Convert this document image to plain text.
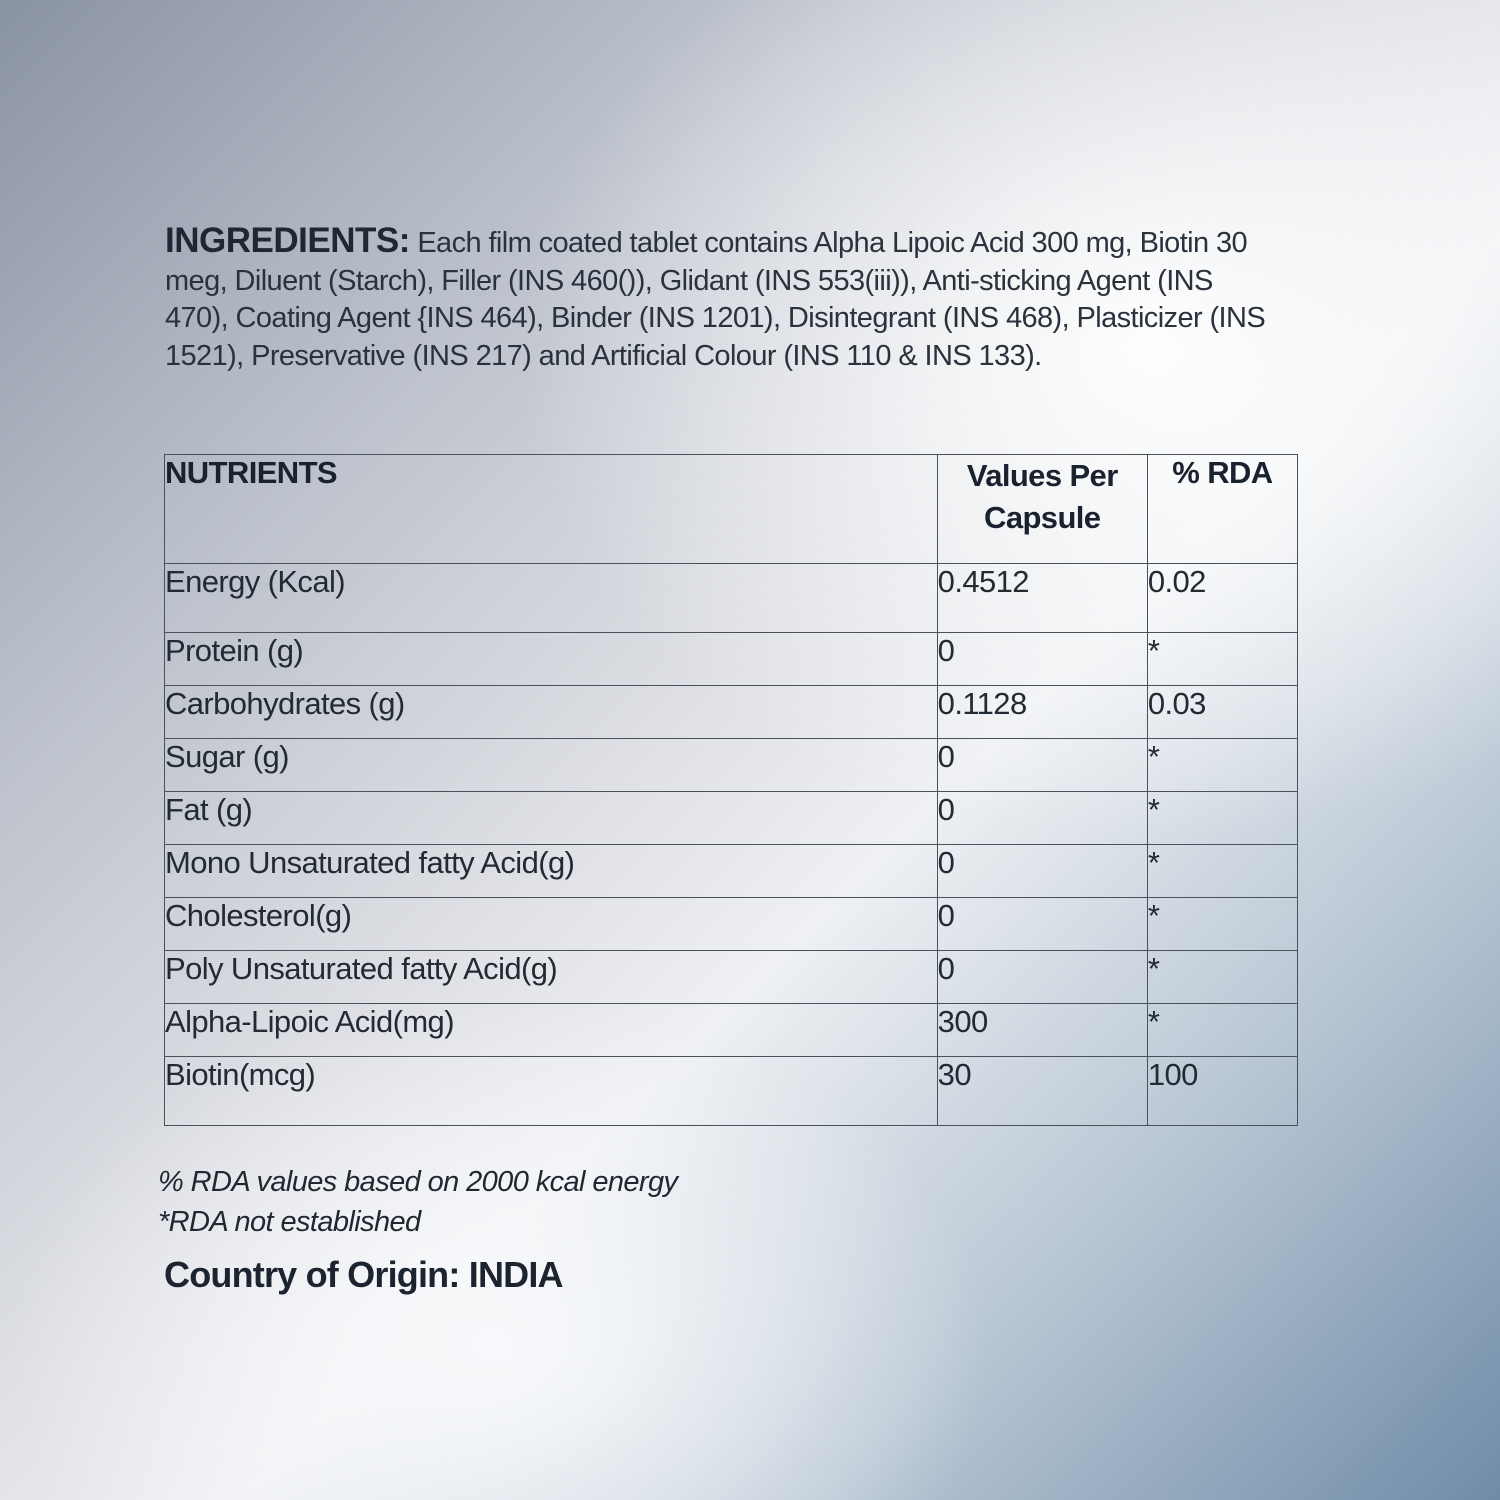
INGREDIENTS: Each film coated tablet contains Alpha Lipoic Acid 300 mg, Biotin 30 meg, Diluent (Starch), Filler (INS 460()), Glidant (INS 553(iii)), Anti-sticking Agent (INS 470), Coating Agent {INS 464), Binder (INS 1201), Disintegrant (INS 468), Plasticizer (INS 1521), Preservative (INS 217) and Artificial Colour (INS 110 & INS 133).
NUTRIENTS	Values Per Capsule	% RDA
Energy (Kcal)	0.4512	0.02
Protein (g)	0	*
Carbohydrates (g)	0.1128	0.03
Sugar (g)	0	*
Fat (g)	0	*
Mono Unsaturated fatty Acid(g)	0	*
Cholesterol(g)	0	*
Poly Unsaturated fatty Acid(g)	0	*
Alpha-Lipoic Acid(mg)	300	*
Biotin(mcg)	30	100
% RDA values based on 2000 kcal energy
*RDA not established
Country of Origin: INDIA
